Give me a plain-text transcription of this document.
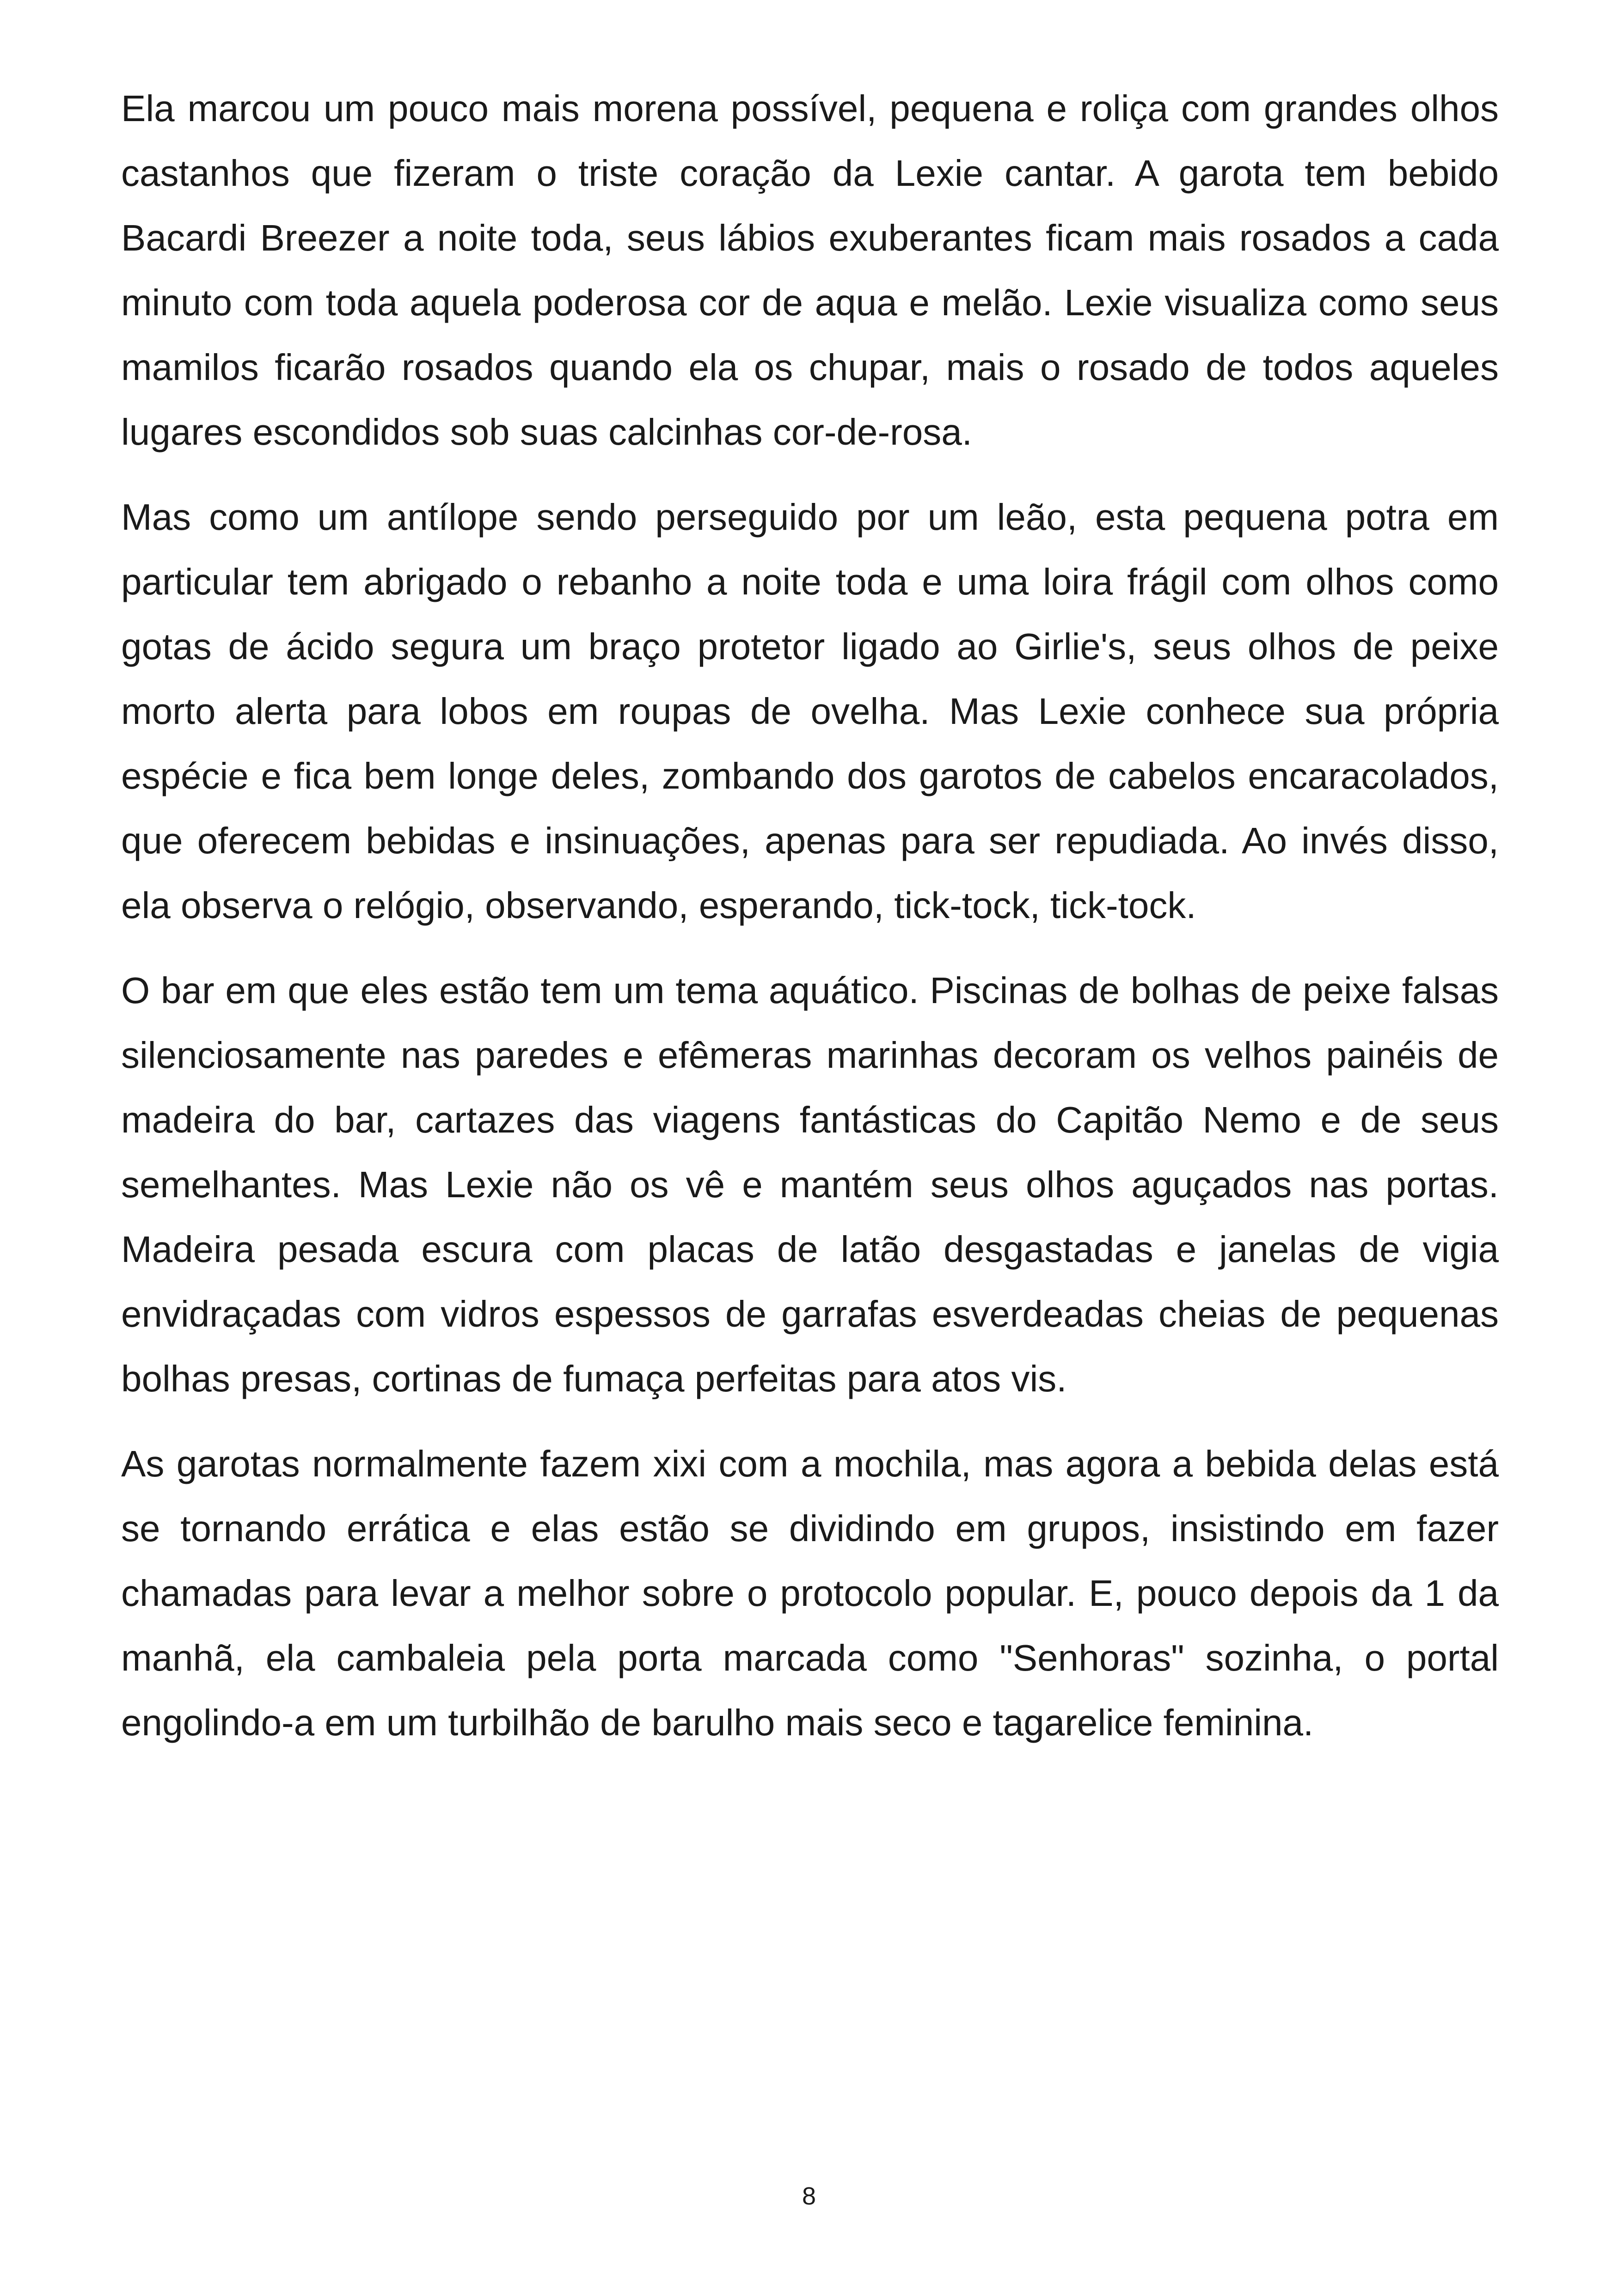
Ela marcou um pouco mais morena possível, pequena e roliça com grandes olhos castanhos que fizeram o triste coração da Lexie cantar. A garota tem bebido Bacardi Breezer a noite toda, seus lábios exuberantes ficam mais rosados a cada minuto com toda aquela poderosa cor de aqua e melão. Lexie visualiza como seus mamilos ficarão rosados quando ela os chupar, mais o rosado de todos aqueles lugares escondidos sob suas calcinhas cor-de-rosa.

Mas como um antílope sendo perseguido por um leão, esta pequena potra em particular tem abrigado o rebanho a noite toda e uma loira frágil com olhos como gotas de ácido segura um braço protetor ligado ao Girlie's, seus olhos de peixe morto alerta para lobos em roupas de ovelha. Mas Lexie conhece sua própria espécie e fica bem longe deles, zombando dos garotos de cabelos encaracolados, que oferecem bebidas e insinuações, apenas para ser repudiada. Ao invés disso, ela observa o relógio, observando, esperando, tick-tock, tick-tock.

O bar em que eles estão tem um tema aquático. Piscinas de bolhas de peixe falsas silenciosamente nas paredes e efêmeras marinhas decoram os velhos painéis de madeira do bar, cartazes das viagens fantásticas do Capitão Nemo e de seus semelhantes. Mas Lexie não os vê e mantém seus olhos aguçados nas portas. Madeira pesada escura com placas de latão desgastadas e janelas de vigia envidraçadas com vidros espessos de garrafas esverdeadas cheias de pequenas bolhas presas, cortinas de fumaça perfeitas para atos vis.

As garotas normalmente fazem xixi com a mochila, mas agora a bebida delas está se tornando errática e elas estão se dividindo em grupos, insistindo em fazer chamadas para levar a melhor sobre o protocolo popular. E, pouco depois da 1 da manhã, ela cambaleia pela porta marcada como "Senhoras" sozinha, o portal engolindo-a em um turbilhão de barulho mais seco e tagarelice feminina.

8
